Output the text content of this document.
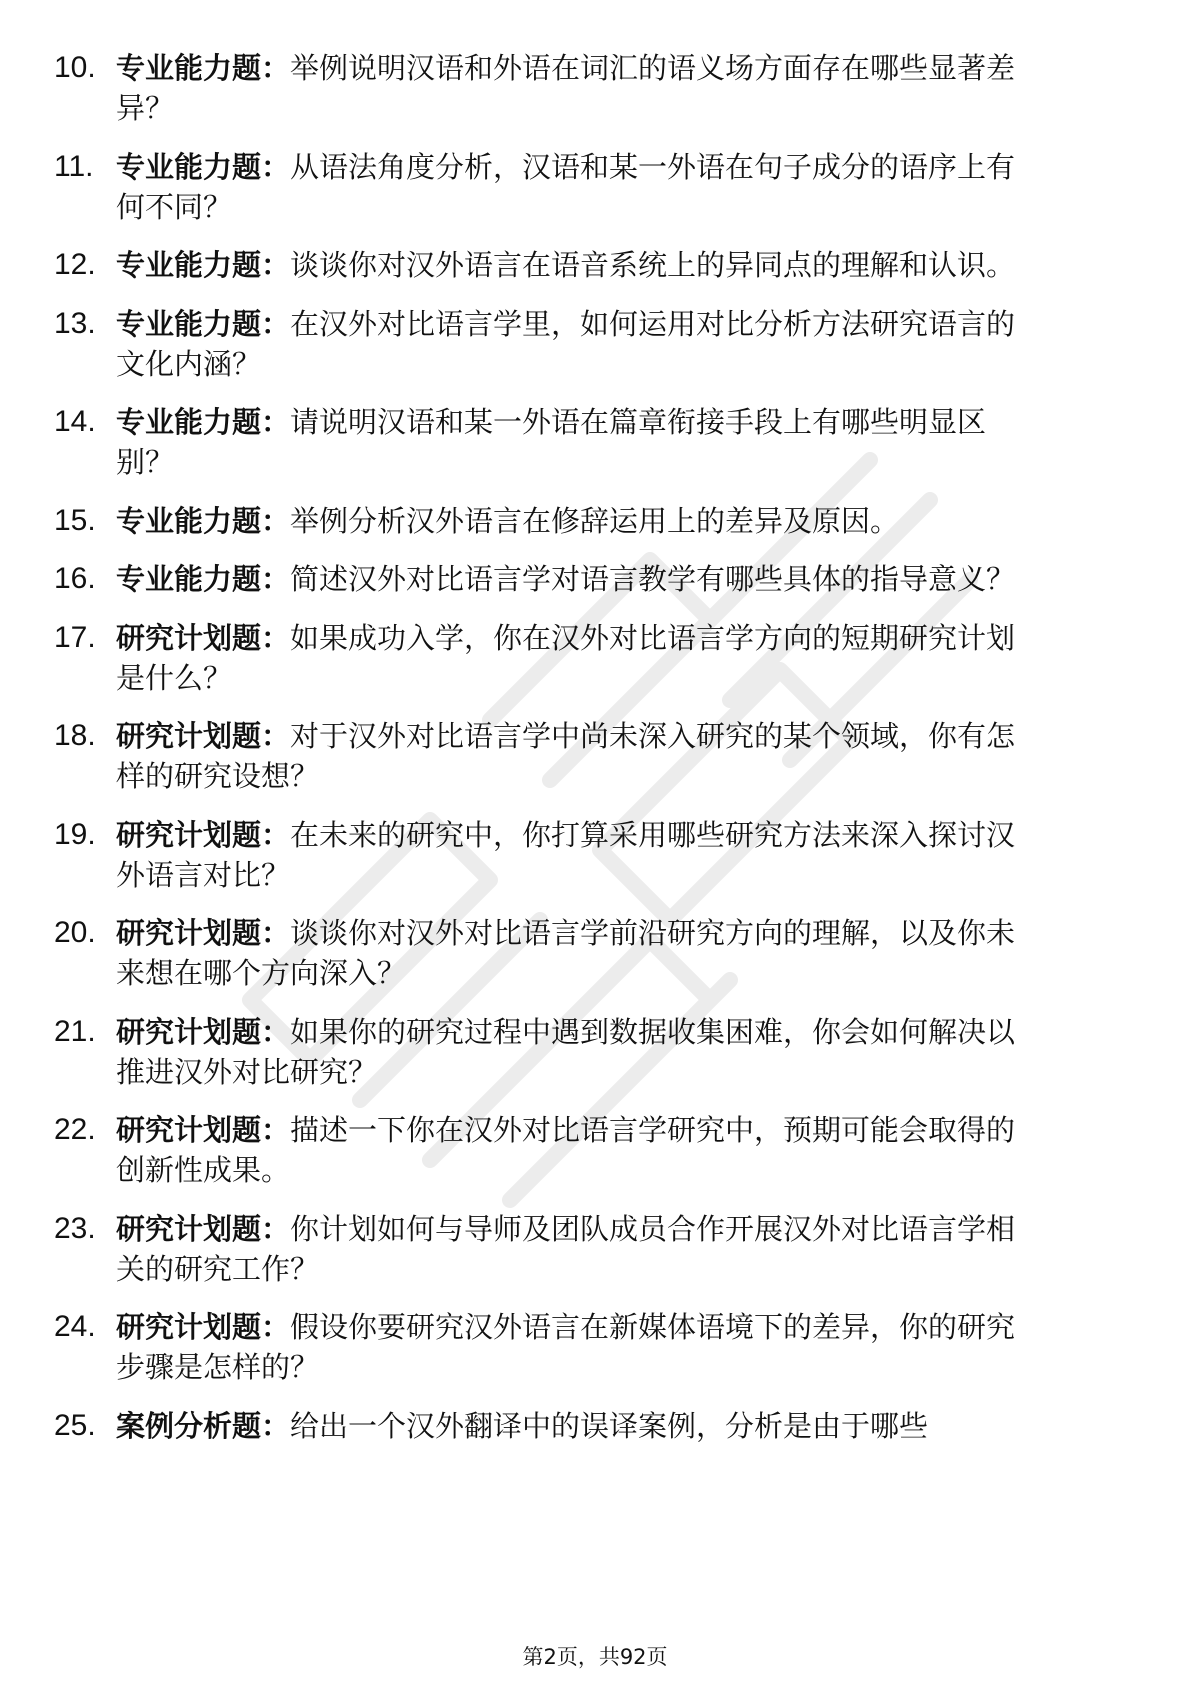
10. 专业能力题：举例说明汉语和外语在词汇的语义场方面存在哪些显著差异？
11. 专业能力题：从语法角度分析，汉语和某一外语在句子成分的语序上有何不同？
12. 专业能力题：谈谈你对汉外语言在语音系统上的异同点的理解和认识。
13. 专业能力题：在汉外对比语言学里，如何运用对比分析方法研究语言的文化内涵？
14. 专业能力题：请说明汉语和某一外语在篇章衔接手段上有哪些明显区别？
15. 专业能力题：举例分析汉外语言在修辞运用上的差异及原因。
16. 专业能力题：简述汉外对比语言学对语言教学有哪些具体的指导意义？
17. 研究计划题：如果成功入学，你在汉外对比语言学方向的短期研究计划是什么？
18. 研究计划题：对于汉外对比语言学中尚未深入研究的某个领域，你有怎样的研究设想？
19. 研究计划题：在未来的研究中，你打算采用哪些研究方法来深入探讨汉外语言对比？
20. 研究计划题：谈谈你对汉外对比语言学前沿研究方向的理解，以及你未来想在哪个方向深入？
21. 研究计划题：如果你的研究过程中遇到数据收集困难，你会如何解决以推进汉外对比研究？
22. 研究计划题：描述一下你在汉外对比语言学研究中，预期可能会取得的创新性成果。
23. 研究计划题：你计划如何与导师及团队成员合作开展汉外对比语言学相关的研究工作？
24. 研究计划题：假设你要研究汉外语言在新媒体语境下的差异，你的研究步骤是怎样的？
25. 案例分析题：给出一个汉外翻译中的误译案例，分析是由于哪些
第2页，共92页
